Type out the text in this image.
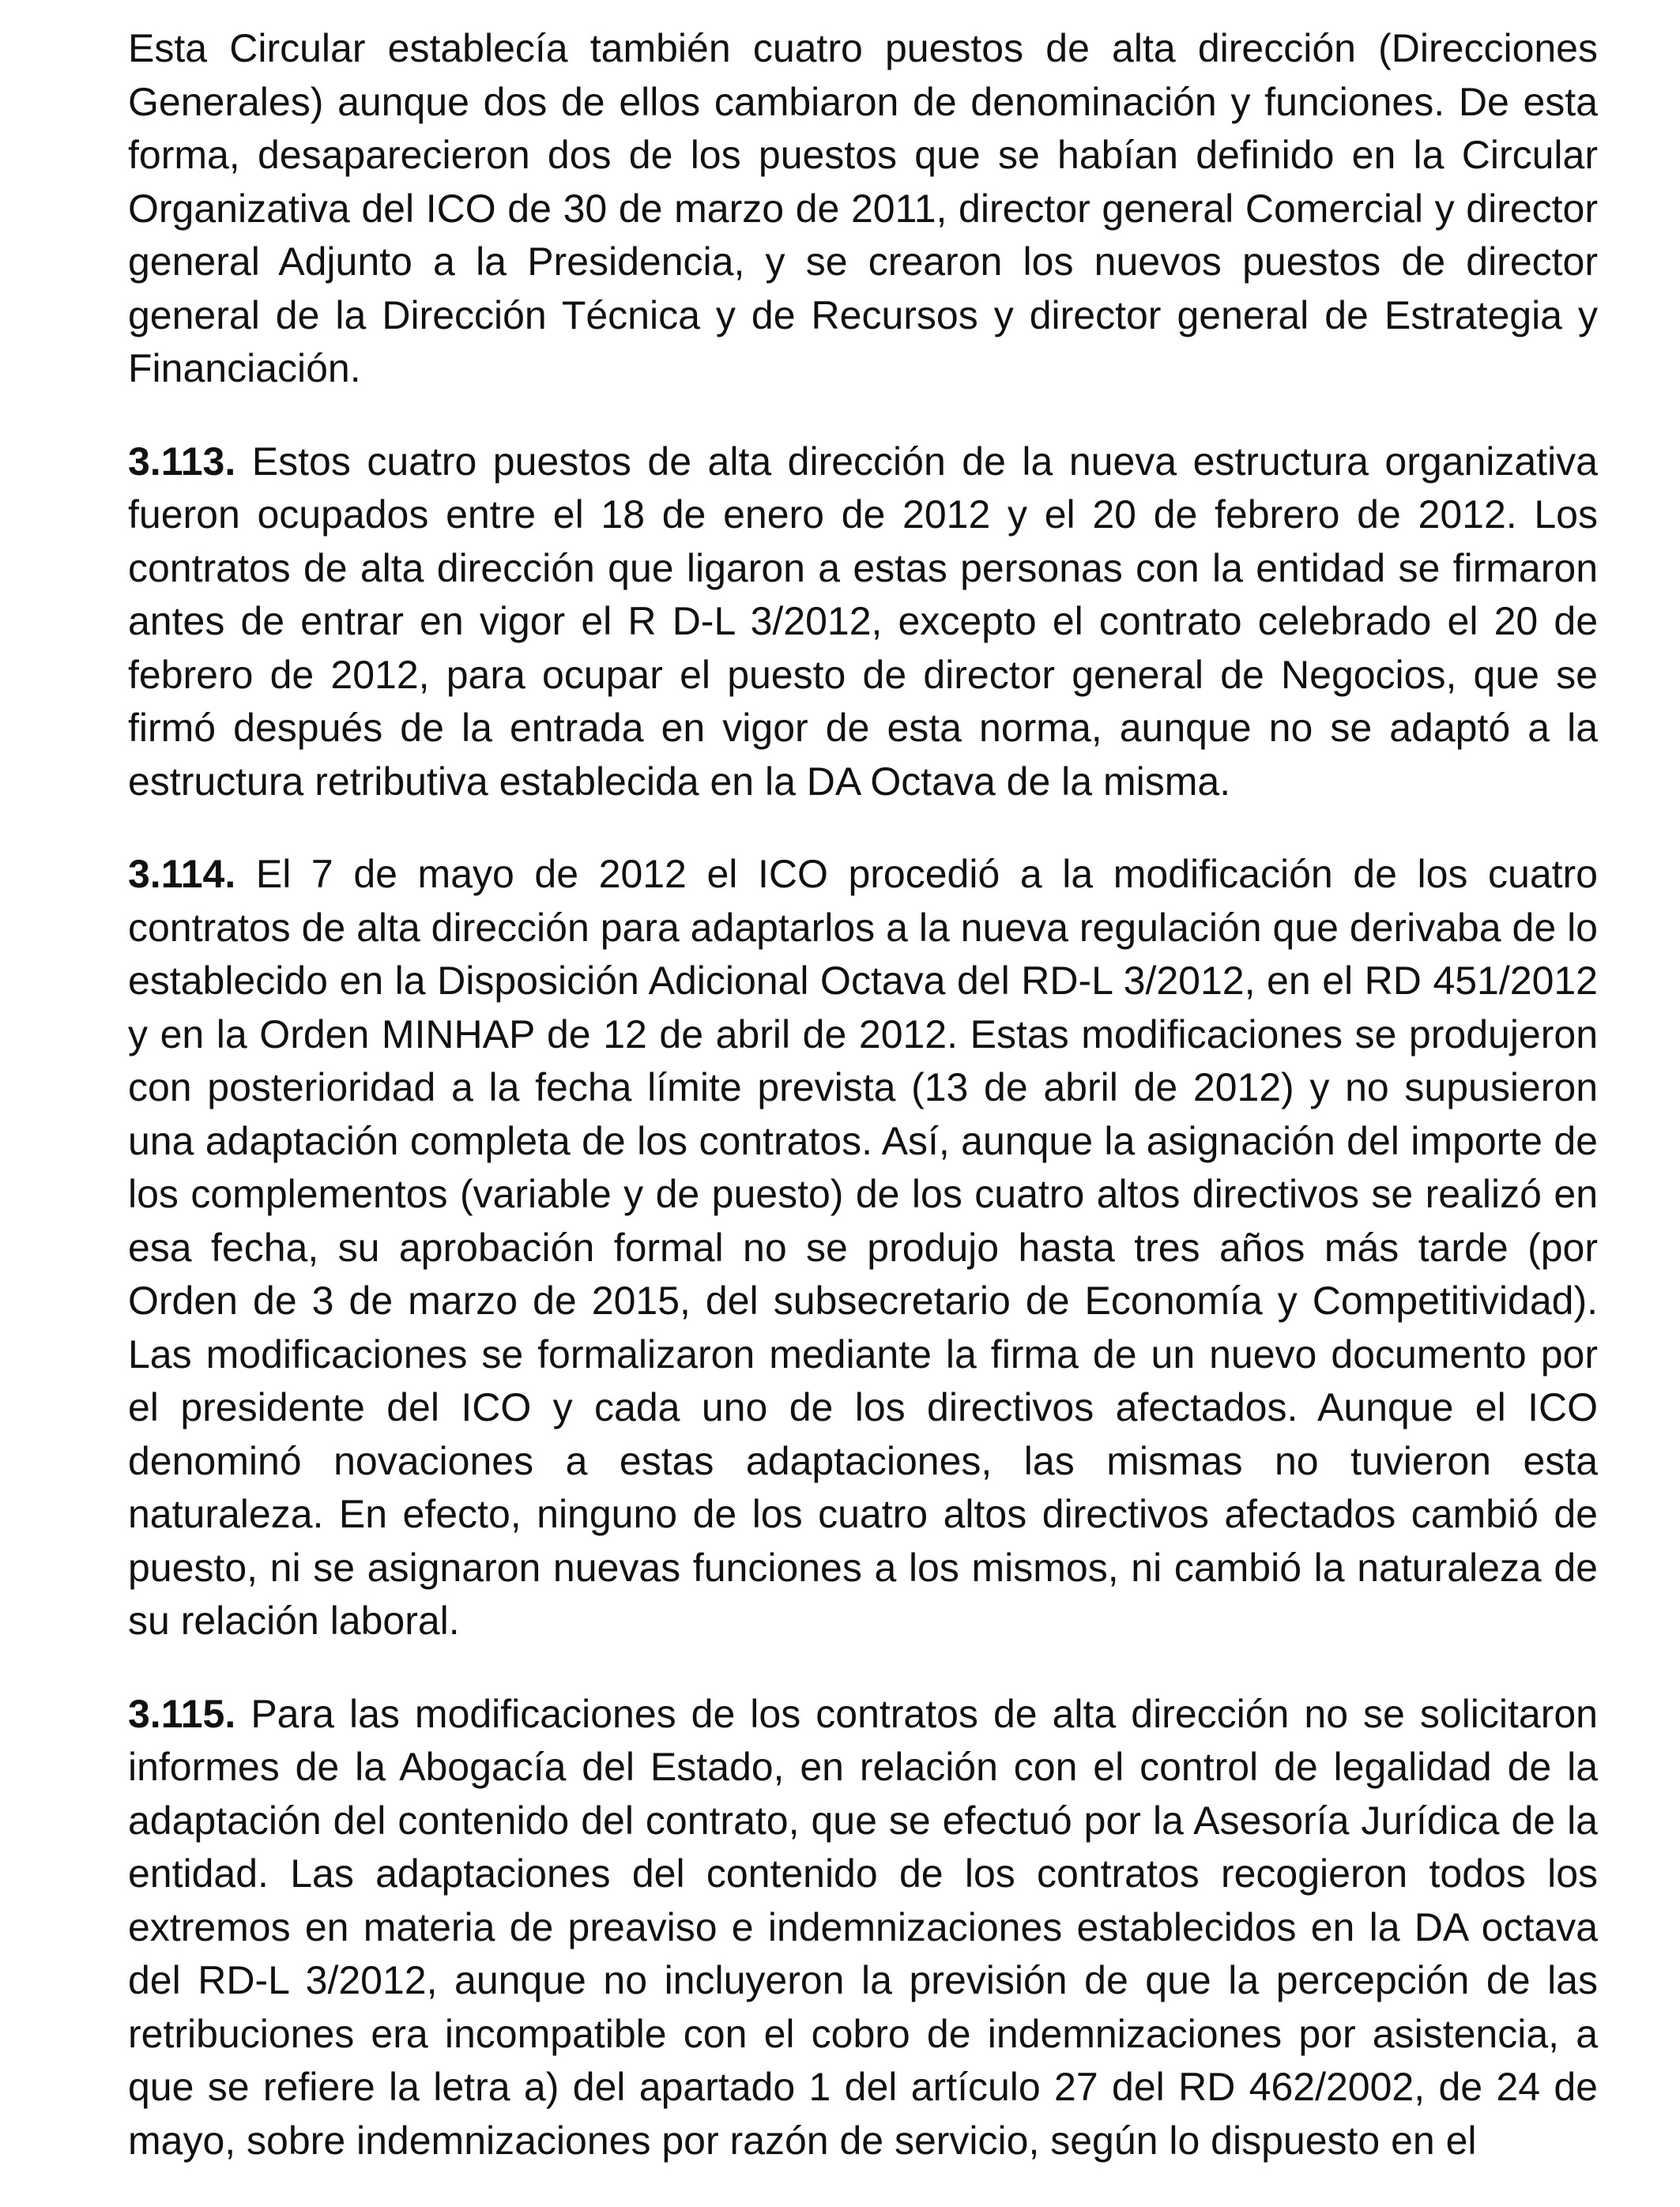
Esta Circular establecía también cuatro puestos de alta dirección (Direcciones Generales) aunque dos de ellos cambiaron de denominación y funciones. De esta forma, desaparecieron dos de los puestos que se habían definido en la Circular Organizativa del ICO de 30 de marzo de 2011, director general Comercial y director general Adjunto a la Presidencia, y se crearon los nuevos puestos de director general de la Dirección Técnica y de Recursos y director general de Estrategia y Financiación.

3.113. Estos cuatro puestos de alta dirección de la nueva estructura organizativa fueron ocupados entre el 18 de enero de 2012 y el 20 de febrero de 2012. Los contratos de alta dirección que ligaron a estas personas con la entidad se firmaron antes de entrar en vigor el R D-L 3/2012, excepto el contrato celebrado el 20 de febrero de 2012, para ocupar el puesto de director general de Negocios, que se firmó después de la entrada en vigor de esta norma, aunque no se adaptó a la estructura retributiva establecida en la DA Octava de la misma.

3.114. El 7 de mayo de 2012 el ICO procedió a la modificación de los cuatro contratos de alta dirección para adaptarlos a la nueva regulación que derivaba de lo establecido en la Disposición Adicional Octava del RD-L 3/2012, en el RD 451/2012 y en la Orden MINHAP de 12 de abril de 2012. Estas modificaciones se produjeron con posterioridad a la fecha límite prevista (13 de abril de 2012) y no supusieron una adaptación completa de los contratos. Así, aunque la asignación del importe de los complementos (variable y de puesto) de los cuatro altos directivos se realizó en esa fecha, su aprobación formal no se produjo hasta tres años más tarde (por Orden de 3 de marzo de 2015, del subsecretario de Economía y Competitividad). Las modificaciones se formalizaron mediante la firma de un nuevo documento por el presidente del ICO y cada uno de los directivos afectados. Aunque el ICO denominó novaciones a estas adaptaciones, las mismas no tuvieron esta naturaleza. En efecto, ninguno de los cuatro altos directivos afectados cambió de puesto, ni se asignaron nuevas funciones a los mismos, ni cambió la naturaleza de su relación laboral.

3.115. Para las modificaciones de los contratos de alta dirección no se solicitaron informes de la Abogacía del Estado, en relación con el control de legalidad de la adaptación del contenido del contrato, que se efectuó por la Asesoría Jurídica de la entidad. Las adaptaciones del contenido de los contratos recogieron todos los extremos en materia de preaviso e indemnizaciones establecidos en la DA octava del RD-L 3/2012, aunque no incluyeron la previsión de que la percepción de las retribuciones era incompatible con el cobro de indemnizaciones por asistencia, a que se refiere la letra a) del apartado 1 del artículo 27 del RD 462/2002, de 24 de mayo, sobre indemnizaciones por razón de servicio, según lo dispuesto en el
